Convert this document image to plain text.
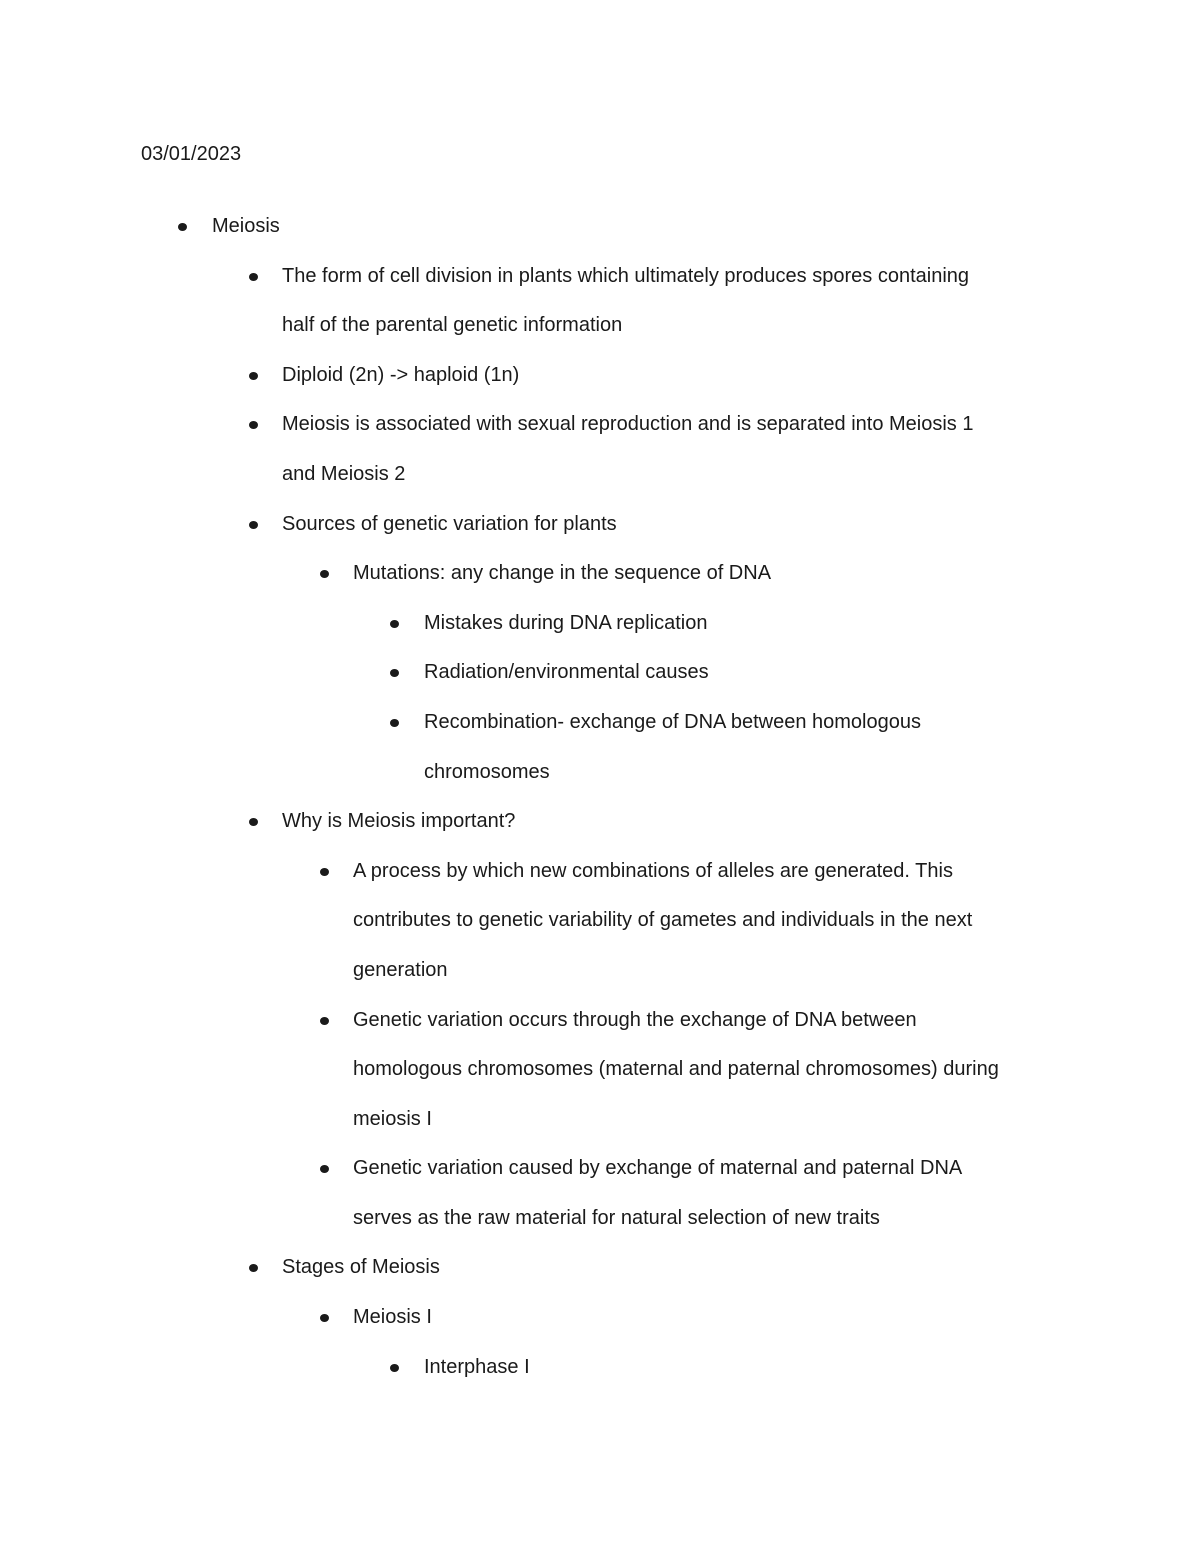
03/01/2023
Meiosis
The form of cell division in plants which ultimately produces spores containing
half of the parental genetic information
Diploid (2n) -> haploid (1n)
Meiosis is associated with sexual reproduction and is separated into Meiosis 1
and Meiosis 2
Sources of genetic variation for plants
Mutations: any change in the sequence of DNA
Mistakes during DNA replication
Radiation/environmental causes
Recombination- exchange of DNA between homologous
chromosomes
Why is Meiosis important?
A process by which new combinations of alleles are generated. This
contributes to genetic variability of gametes and individuals in the next
generation
Genetic variation occurs through the exchange of DNA between
homologous chromosomes (maternal and paternal chromosomes) during
meiosis I
Genetic variation caused by exchange of maternal and paternal DNA
serves as the raw material for natural selection of new traits
Stages of Meiosis
Meiosis I
Interphase I
